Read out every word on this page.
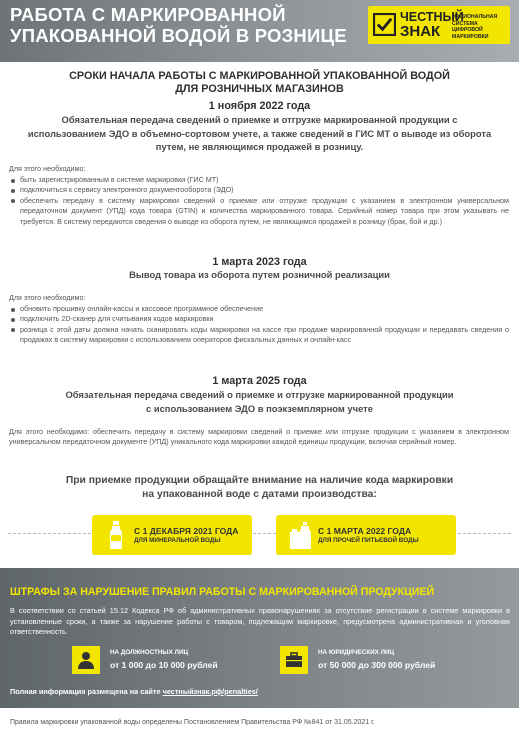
РАБОТА С МАРКИРОВАННОЙ
УПАКОВАННОЙ ВОДОЙ В РОЗНИЦЕ
ЧЕСТНЫЙ
ЗНАК
НАЦИОНАЛЬНАЯ СИСТЕМА ЦИФРОВОЙ МАРКИРОВКИ
СРОКИ НАЧАЛА РАБОТЫ С МАРКИРОВАННОЙ УПАКОВАННОЙ ВОДОЙ
ДЛЯ РОЗНИЧНЫХ МАГАЗИНОВ
1 ноября 2022 года
Обязательная передача сведений о приемке и отгрузке маркированной продукции с
использованием ЭДО в объемно-сортовом учете, а также сведений в ГИС МТ о выводе из оборота
путем, не являющимся продажей в розницу.
Для этого необходимо:
быть зарегистрированным в системе маркировки (ГИС МТ)
подключиться к сервису электронного документооборота (ЭДО)
обеспечить передачу в систему маркировки сведений о приемке или отгрузке продукции с указанием в электронном универсальном передаточном документ (УПД) кода товара (GTIN) и количества маркированного товара. Серийный номер товара при этом указывать не требуется. В систему передаются сведения о выводе из оборота путем, не являющимся продажей в розницу (брак, бой и др.)
1 марта 2023 года
Вывод товара из оборота путем розничной реализации
Для этого необходимо:
обновить прошивку онлайн-кассы и кассовое программное обеспечение
подключить 2D-сканер для считывания кодов маркировки
розница с этой даты должна начать сканировать коды маркировки на кассе при продаже маркированной продукции и передавать сведения о продажах в систему маркировки с использованием операторов фискальных данных и онлайн-касс
1 марта 2025 года
Обязательная передача сведений о приемке и отгрузке маркированной продукции
с использованием ЭДО в поэкземплярном учете
Для этого необходимо: обеспечить передачу в систему маркировки сведений о приемке или отгрузке продукции с указанием в электронном универсальном передаточном документе (УПД) уникального кода маркировки каждой единицы продукции, включая серийный номер.
При приемке продукции обращайте внимание на наличие кода маркировки
на упакованной воде с датами производства:
С 1 ДЕКАБРЯ 2021 ГОДА
ДЛЯ МИНЕРАЛЬНОЙ ВОДЫ
С 1 МАРТА 2022 ГОДА
ДЛЯ ПРОЧЕЙ ПИТЬЕВОЙ ВОДЫ
ШТРАФЫ ЗА НАРУШЕНИЕ ПРАВИЛ РАБОТЫ С МАРКИРОВАННОЙ ПРОДУКЦИЕЙ
В соответствии со статьей 15.12 Кодекса РФ об административных правонарушениях за отсутствие регистрации в системе маркировки в установленные сроки, а также за нарушение работы с товаром, подлежащим маркировке, предусмотрена административная и уголовная ответственность.
НА ДОЛЖНОСТНЫХ ЛИЦ
от 1 000 до 10 000 рублей
НА ЮРИДИЧЕСКИХ ЛИЦ
от 50 000 до 300 000 рублей
Полная информация размещена на сайте честныйзнак.рф/penalties/
Правила маркировки упакованной воды определены Постановлением Правительства РФ №841 от 31.05.2021 г.
